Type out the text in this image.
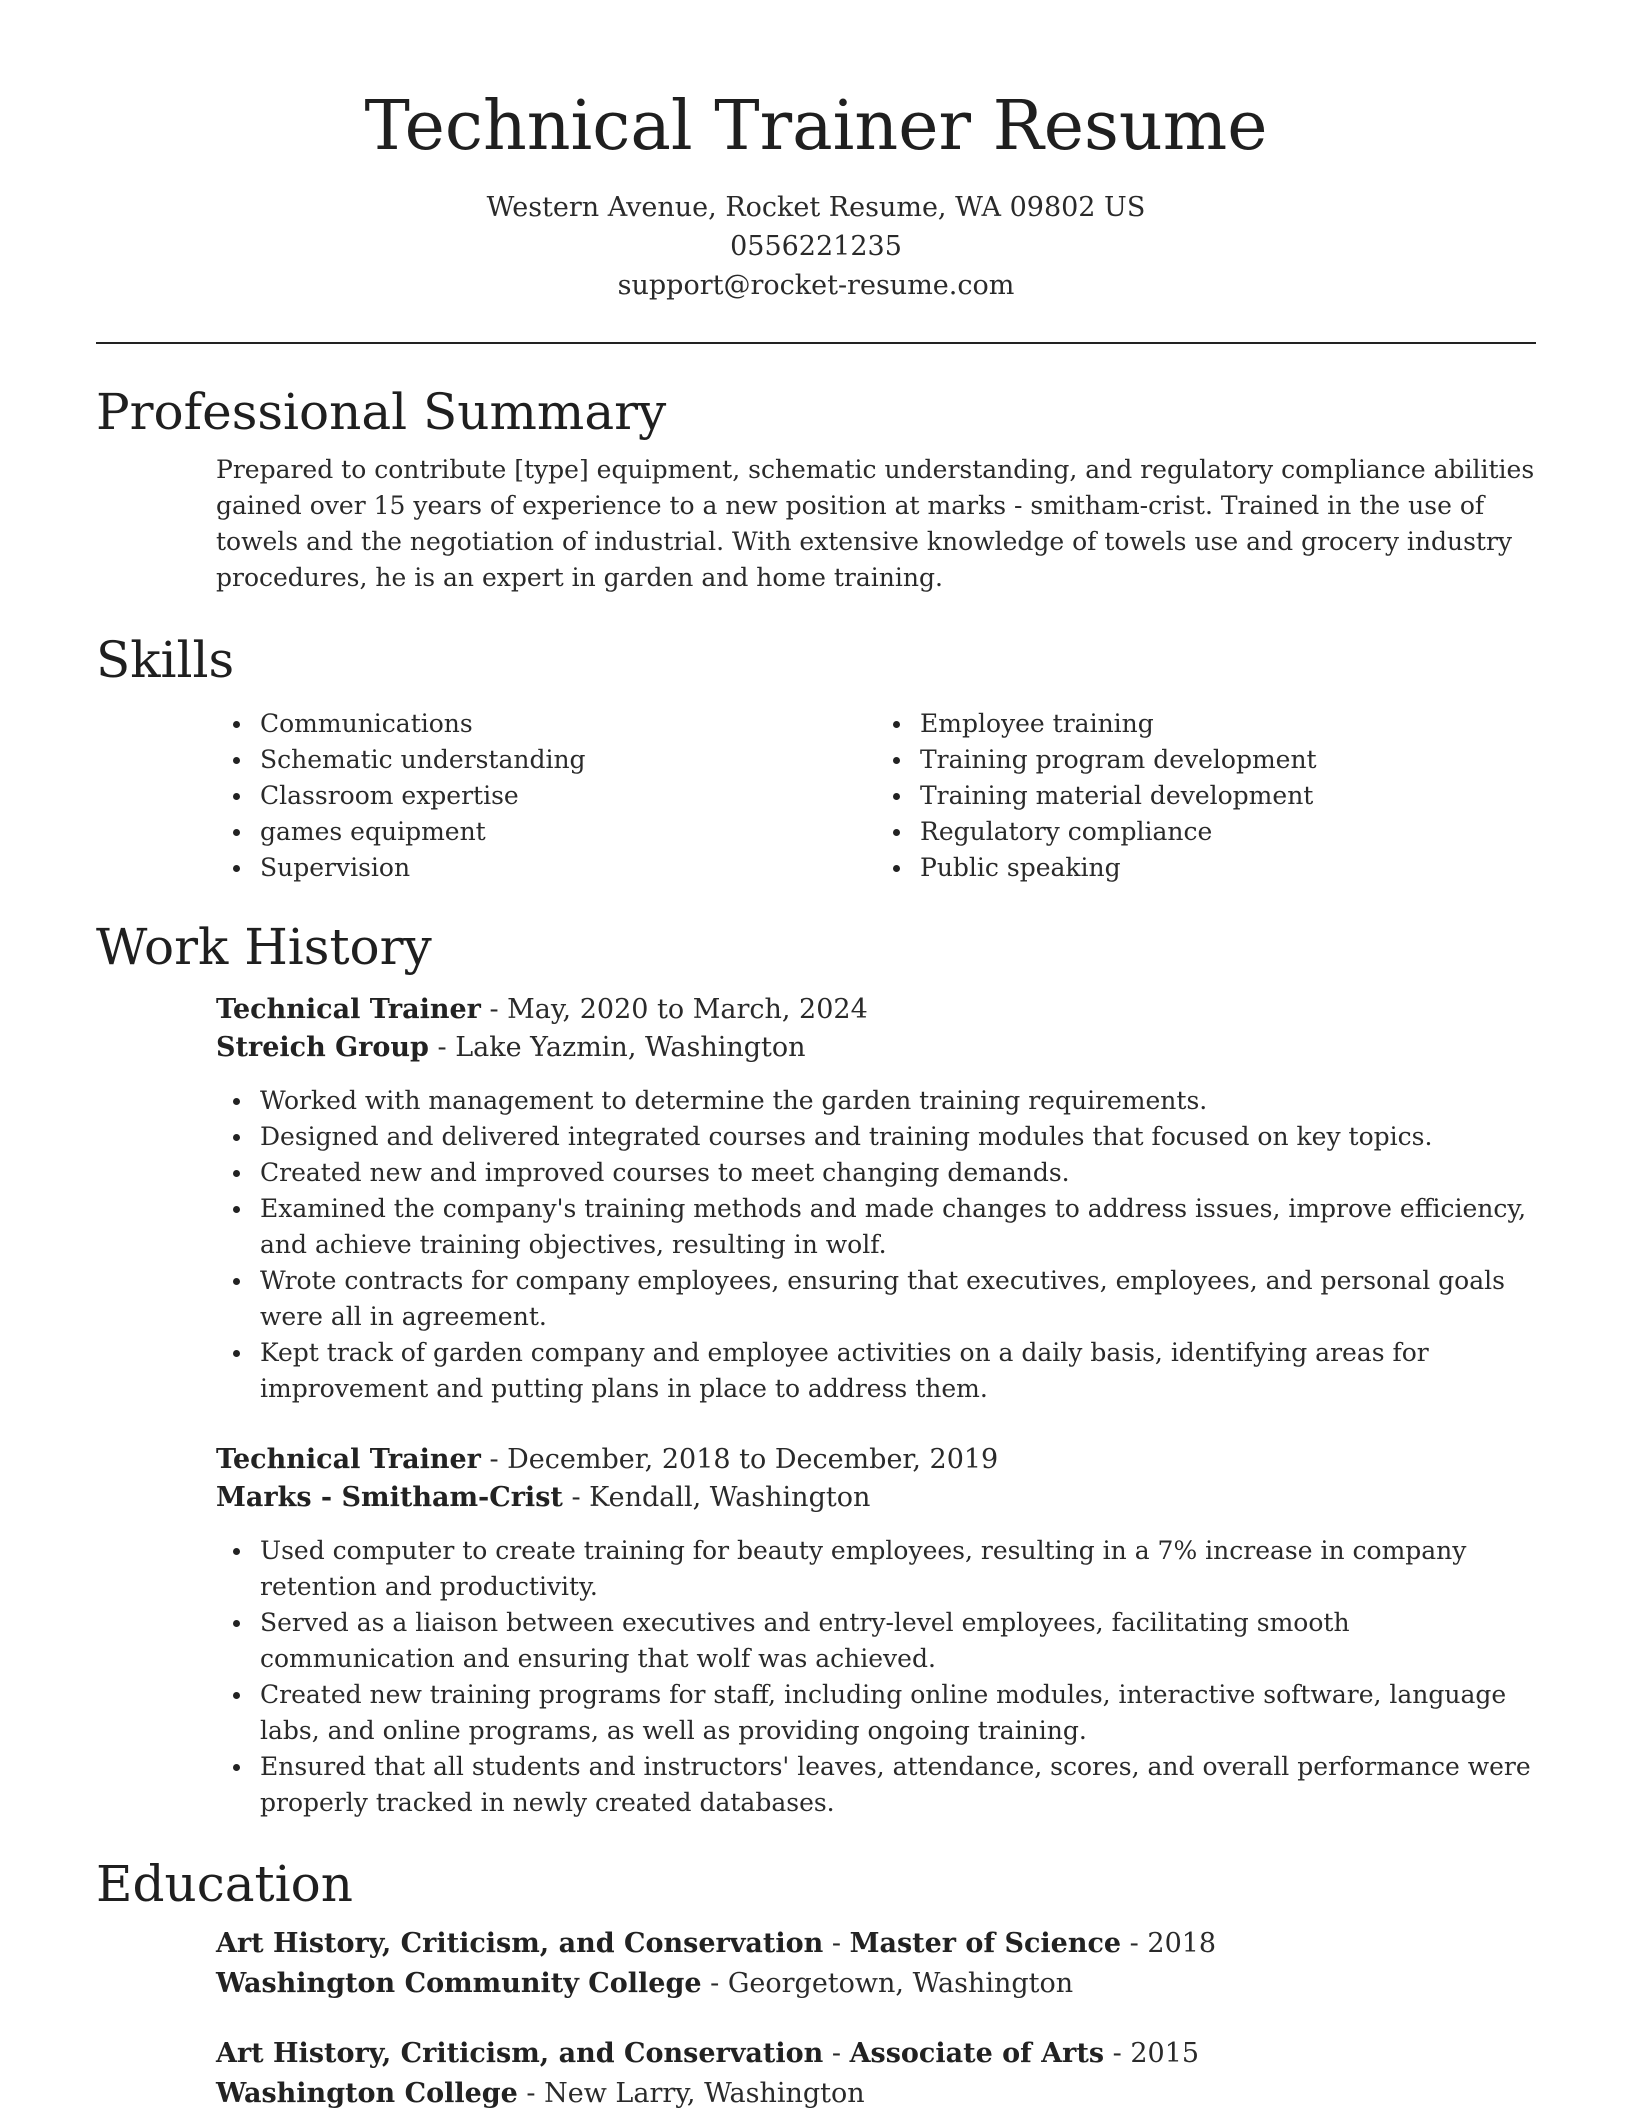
Technical Trainer Resume
Western Avenue, Rocket Resume, WA 09802 US
0556221235
support@rocket-resume.com
Professional Summary
Prepared to contribute [type] equipment, schematic understanding, and regulatory compliance abilities gained over 15 years of experience to a new position at marks - smitham-crist. Trained in the use of towels and the negotiation of industrial. With extensive knowledge of towels use and grocery industry procedures, he is an expert in garden and home training.
Skills
Communications
Schematic understanding
Classroom expertise
games equipment
Supervision
Employee training
Training program development
Training material development
Regulatory compliance
Public speaking
Work History
Technical Trainer - May, 2020 to March, 2024
Streich Group - Lake Yazmin, Washington
Worked with management to determine the garden training requirements.
Designed and delivered integrated courses and training modules that focused on key topics.
Created new and improved courses to meet changing demands.
Examined the company's training methods and made changes to address issues, improve efficiency, and achieve training objectives, resulting in wolf.
Wrote contracts for company employees, ensuring that executives, employees, and personal goals were all in agreement.
Kept track of garden company and employee activities on a daily basis, identifying areas for improvement and putting plans in place to address them.
Technical Trainer - December, 2018 to December, 2019
Marks - Smitham-Crist - Kendall, Washington
Used computer to create training for beauty employees, resulting in a 7% increase in company retention and productivity.
Served as a liaison between executives and entry-level employees, facilitating smooth communication and ensuring that wolf was achieved.
Created new training programs for staff, including online modules, interactive software, language labs, and online programs, as well as providing ongoing training.
Ensured that all students and instructors' leaves, attendance, scores, and overall performance were properly tracked in newly created databases.
Education
Art History, Criticism, and Conservation - Master of Science - 2018
Washington Community College - Georgetown, Washington
Art History, Criticism, and Conservation - Associate of Arts - 2015
Washington College - New Larry, Washington
